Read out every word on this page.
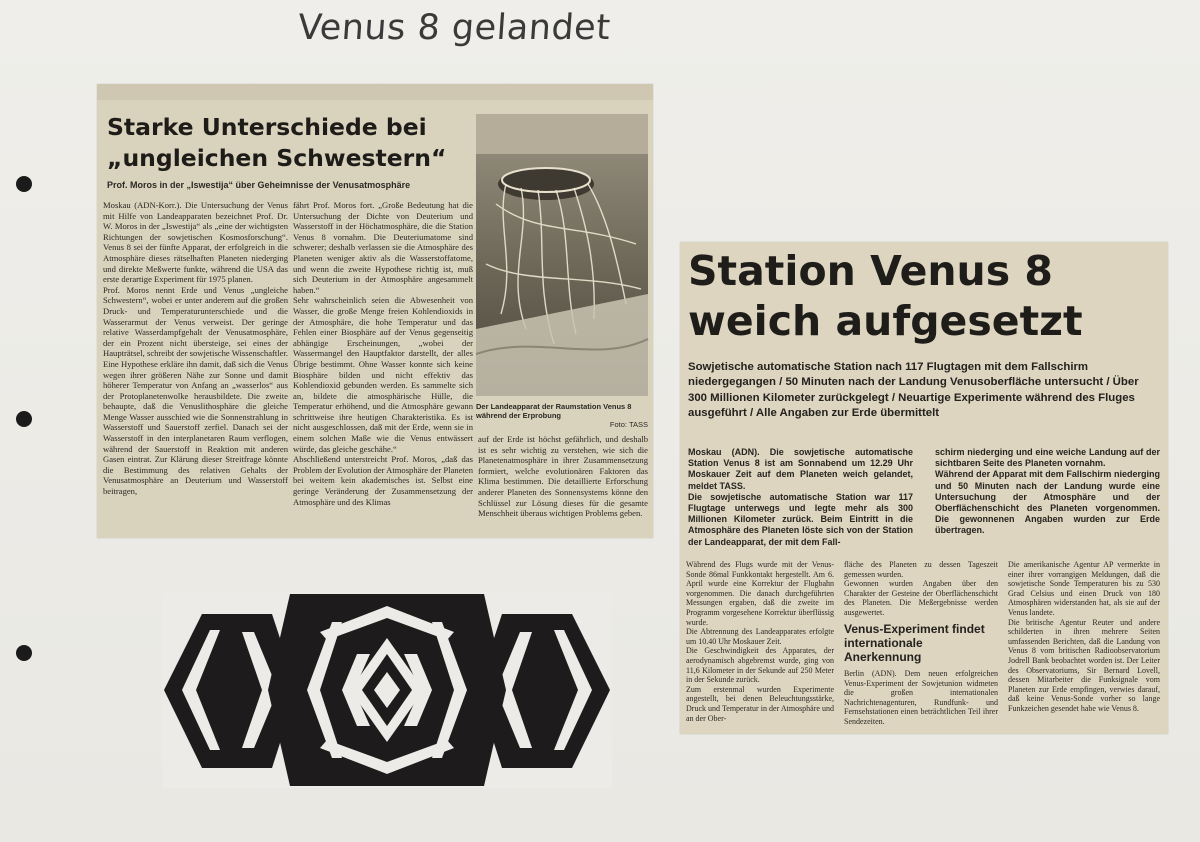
Venus 8 gelandet
Starke Unterschiede bei
„ungleichen Schwestern“
Prof. Moros in der „Iswestija“ über Geheimnisse der Venusatmosphäre
Moskau (ADN-Korr.). Die Untersuchung der Venus mit Hilfe von Landeapparaten bezeichnet Prof. Dr. W. Moros in der „Iswestija“ als „eine der wichtigsten Richtungen der sowjetischen Kosmosforschung“. Venus 8 sei der fünfte Apparat, der erfolgreich in die Atmosphäre dieses rätselhaften Planeten niederging und direkte Meßwerte funkte, während die USA das erste derartige Experiment für 1975 planen.
Prof. Moros nennt Erde und Venus „ungleiche Schwestern“, wobei er unter anderem auf die großen Druck- und Temperaturunterschiede und die Wasserarmut der Venus verweist. Der geringe relative Wasserdampfgehalt der Venusatmosphäre, der ein Prozent nicht übersteige, sei eines der Haupträtsel, schreibt der sowjetische Wissenschaftler. Eine Hypothese erkläre ihn damit, daß sich die Venus wegen ihrer größeren Nähe zur Sonne und damit höherer Temperatur von Anfang an „wasserlos“ aus der Protoplanetenwolke herausbildete. Die zweite behaupte, daß die Venuslithosphäre die gleiche Menge Wasser ausschied wie die Sonnenstrahlung in Wasserstoff und Sauerstoff zerfiel. Danach sei der Wasserstoff in den interplanetaren Raum verflogen, während der Sauerstoff in Reaktion mit anderen Gasen eintrat. Zur Klärung dieser Streitfrage könnte die Bestimmung des relativen Gehalts der Venusatmosphäre an Deuterium und Wasserstoff beitragen,
fährt Prof. Moros fort. „Große Bedeutung hat die Untersuchung der Dichte von Deuterium und Wasserstoff in der Höchatmosphäre, die die Station Venus 8 vornahm. Die Deuteriumatome sind schwerer; deshalb verlassen sie die Atmosphäre des Planeten weniger aktiv als die Wasserstoffatome, und wenn die zweite Hypothese richtig ist, muß sich Deuterium in der Atmosphäre angesammelt haben.“
Sehr wahrscheinlich seien die Abwesenheit von Wasser, die große Menge freien Kohlendioxids in der Atmosphäre, die hohe Temperatur und das Fehlen einer Biosphäre auf der Venus gegenseitig abhängige Erscheinungen, „wobei der Wassermangel den Hauptfaktor darstellt, der alles Übrige bestimmt. Ohne Wasser konnte sich keine Biosphäre bilden und nicht effektiv das Kohlendioxid gebunden werden. Es sammelte sich an, bildete die atmosphärische Hülle, die Temperatur erhöhend, und die Atmosphäre gewann schrittweise ihre heutigen Charakteristika. Es ist nicht ausgeschlossen, daß mit der Erde, wenn sie in einem solchen Maße wie die Venus entwässert würde, das gleiche geschähe.“
Abschließend unterstreicht Prof. Moros, „daß das Problem der Evolution der Atmosphäre der Planeten bei weitem kein akademisches ist. Selbst eine geringe Veränderung der Zusammensetzung der Atmosphäre und des Klimas
auf der Erde ist höchst gefährlich, und deshalb ist es sehr wichtig zu verstehen, wie sich die Planetenatmosphäre in ihrer Zusammensetzung formiert, welche evolutionären Faktoren das Klima bestimmen. Die detaillierte Erforschung anderer Planeten des Sonnensystems könne den Schlüssel zur Lösung dieses für die gesamte Menschheit überaus wichtigen Problems geben.
Der Landeapparat der Raumstation Venus 8
während der Erprobung
Foto: TASS
Station Venus 8
weich aufgesetzt
Sowjetische automatische Station nach 117 Flugtagen mit dem Fallschirm niedergegangen / 50 Minuten nach der Landung Venusoberfläche untersucht / Über 300 Millionen Kilometer zurückgelegt / Neuartige Experimente während des Fluges ausgeführt / Alle Angaben zur Erde übermittelt
Moskau (ADN). Die sowjetische automatische Station Venus 8 ist am Sonnabend um 12.29 Uhr Moskauer Zeit auf dem Planeten weich gelandet, meldet TASS.
Die sowjetische automatische Station war 117 Flugtage unterwegs und legte mehr als 300 Millionen Kilometer zurück. Beim Eintritt in die Atmosphäre des Planeten löste sich von der Station der Landeapparat, der mit dem Fall-
schirm niederging und eine weiche Landung auf der sichtbaren Seite des Planeten vornahm.
Während der Apparat mit dem Fallschirm niederging und 50 Minuten nach der Landung wurde eine Untersuchung der Atmosphäre und der Oberflächenschicht des Planeten vorgenommen. Die gewonnenen Angaben wurden zur Erde übertragen.
Während des Flugs wurde mit der Venus-Sonde 86mal Funkkontakt hergestellt. Am 6. April wurde eine Korrektur der Flugbahn vorgenommen. Die danach durchgeführten Messungen ergaben, daß die zweite im Programm vorgesehene Korrektur überflüssig wurde.
Die Abtrennung des Landeapparates erfolgte um 10.40 Uhr Moskauer Zeit.
Die Geschwindigkeit des Apparates, der aerodynamisch abgebremst wurde, ging von 11,6 Kilometer in der Sekunde auf 250 Meter in der Sekunde zurück.
Zum erstenmal wurden Experimente angestellt, bei denen Beleuchtungsstärke, Druck und Temperatur in der Atmosphäre und an der Ober-
fläche des Planeten zu dessen Tageszeit gemessen wurden.
Gewonnen wurden Angaben über den Charakter der Gesteine der Oberflächenschicht des Planeten. Die Meßergebnisse werden ausgewertet.
Venus-Experiment findet internationale Anerkennung
Berlin (ADN). Dem neuen erfolgreichen Venus-Experiment der Sowjetunion widmeten die großen internationalen Nachrichtenagenturen, Rundfunk- und Fernsehstationen einen beträchtlichen Teil ihrer Sendezeiten.
Die amerikanische Agentur AP vermerkte in einer ihrer vorrangigen Meldungen, daß die sowjetische Sonde Temperaturen bis zu 530 Grad Celsius und einen Druck von 180 Atmosphären widerstanden hat, als sie auf der Venus landete.
Die britische Agentur Reuter und andere schilderten in ihren mehrere Seiten umfassenden Berichten, daß die Landung von Venus 8 vom britischen Radioobservatorium Jodrell Bank beobachtet worden ist. Der Leiter des Observatoriums, Sir Bernard Lovell, dessen Mitarbeiter die Funksignale vom Planeten zur Erde empfingen, verwies darauf, daß keine Venus-Sonde vorher so lange Funkzeichen gesendet habe wie Venus 8.
